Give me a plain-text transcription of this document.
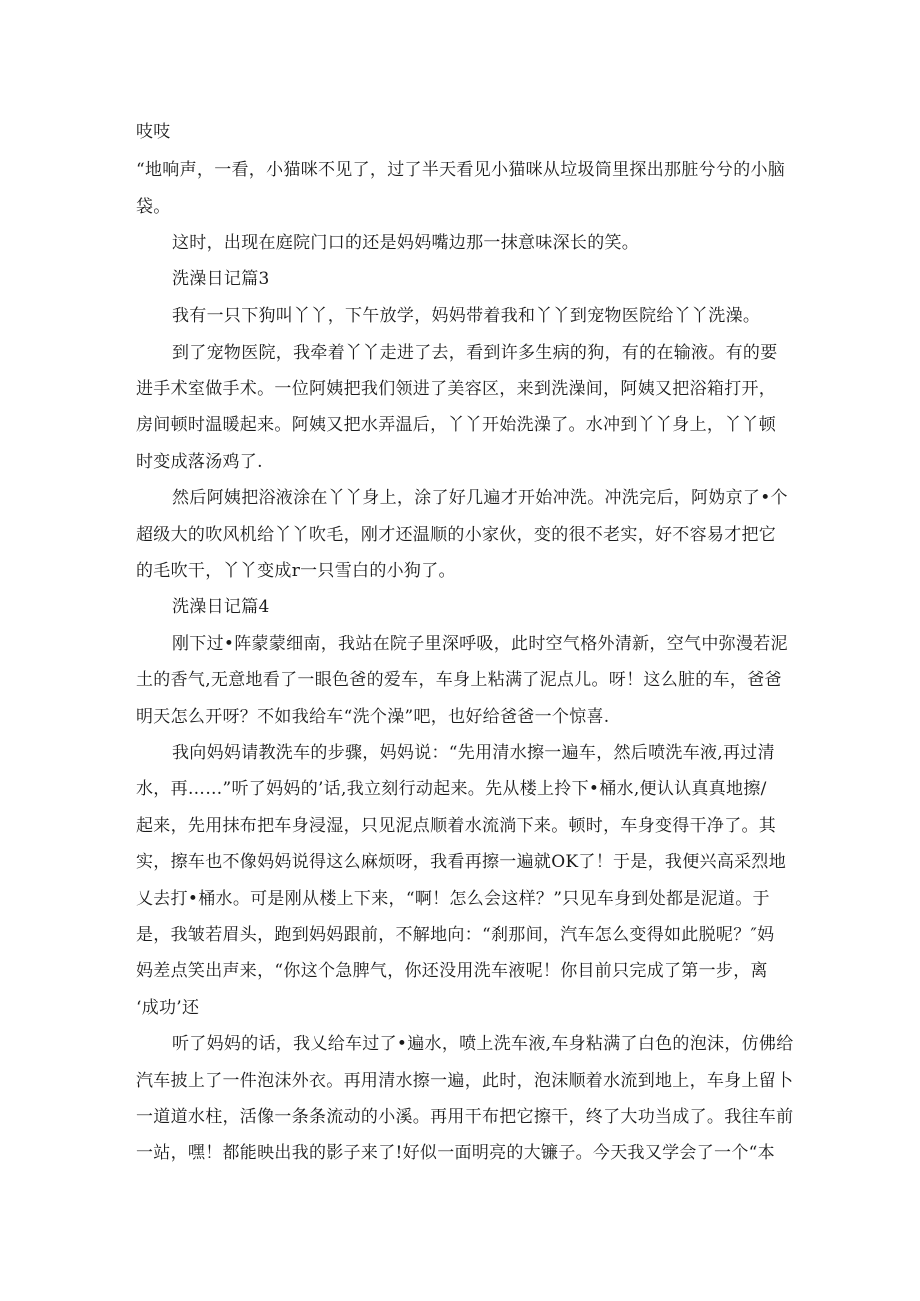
吱吱
“地响声，一看，小猫咪不见了，过了半天看见小猫咪从垃圾筒里探出那脏兮兮的小脑
袋。
这时，出现在庭院门口的还是妈妈嘴边那一抹意味深长的笑。
洗澡日记篇3
我有一只下狗叫丫丫，下午放学，妈妈带着我和丫丫到宠物医院给丫丫洗澡。
到了宠物医院，我牵着丫丫走进了去，看到许多生病的狗，有的在输液。有的要
进手术室做手术。一位阿姨把我们领进了美容区，来到洗澡间，阿姨又把浴箱打开，
房间顿时温暖起来。阿姨又把水弄温后，丫丫开始洗澡了。水冲到丫丫身上，丫丫顿
时变成落汤鸡了.
然后阿姨把浴液涂在丫丫身上，涂了好几遍才开始冲洗。冲洗完后，阿妫京了•个
超级大的吹风机给丫丫吹毛，刚才还温顺的小家伙，变的很不老实，好不容易才把它
的毛吹干，丫丫变成r一只雪白的小狗了。
洗澡日记篇4
刚下过•阵蒙蒙细南，我站在院子里深呼吸，此时空气格外清新，空气中弥漫若泥
土的香气,无意地看了一眼色爸的爱车，车身上粘满了泥点儿。呀！这么脏的车，爸爸
明天怎么开呀？不如我给车“洗个澡”吧，也好给爸爸一个惊喜.
我向妈妈请教洗车的步骤，妈妈说：“先用清水擦一遍车，然后喷洗车液,再过清
水，再……”听了妈妈的’话,我立刻行动起来。先从楼上拎下•桶水,便认认真真地擦/
起来，先用抹布把车身浸湿，只见泥点顺着水流淌下来。顿时，车身变得干净了。其
实，擦车也不像妈妈说得这么麻烦呀，我看再擦一遍就OK了！于是，我便兴高采烈地
乂去打•桶水。可是刚从楼上下来，“啊！怎么会这样？”只见车身到处都是泥道。于
是，我皱若眉头，跑到妈妈跟前，不解地向：“刹那间，汽车怎么变得如此脱呢？″妈
妈差点笑出声来，“你这个急脾气，你还没用洗车液呢！你目前只完成了第一步，离
‘成功’还
听了妈妈的话，我乂给车过了•遍水，喷上洗车液,车身粘满了白色的泡沫，仿佛给
汽车披上了一件泡沫外衣。再用清水擦一遍，此时，泡沫顺着水流到地上，车身上留卜
一道道水柱，活像一条条流动的小溪。再用干布把它擦干，终了大功当成了。我往车前
一站，嘿！都能映出我的影子来了!好似一面明亮的大镰子。今天我又学会了一个“本
